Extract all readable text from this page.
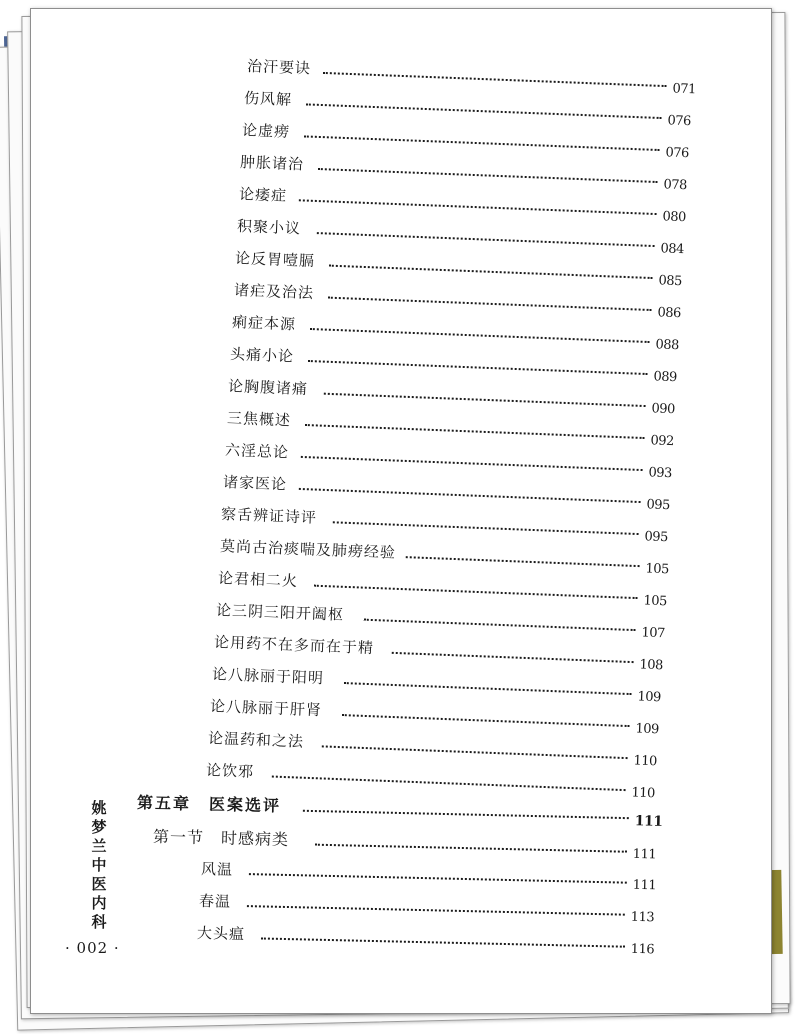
治汗要诀
071
伤风解
076
论虚痨
076
肿胀诸治
078
论痿症
080
积聚小议
084
论反胃噎膈
085
诸疟及治法
086
痢症本源
088
头痛小论
089
论胸腹诸痛
090
三焦概述
092
六淫总论
093
诸家医论
095
察舌辨证诗评
095
莫尚古治痰喘及肺痨经验
105
论君相二火
105
论三阴三阳开阖枢
107
论用药不在多而在于精
108
论八脉丽于阳明
109
论八脉丽于肝肾
109
论温药和之法
110
论饮邪
110
第五章　医案选评
111
第一节　时感病类
111
风温
111
春温
113
大头瘟
116
姚梦兰中医内科
· 002 ·
